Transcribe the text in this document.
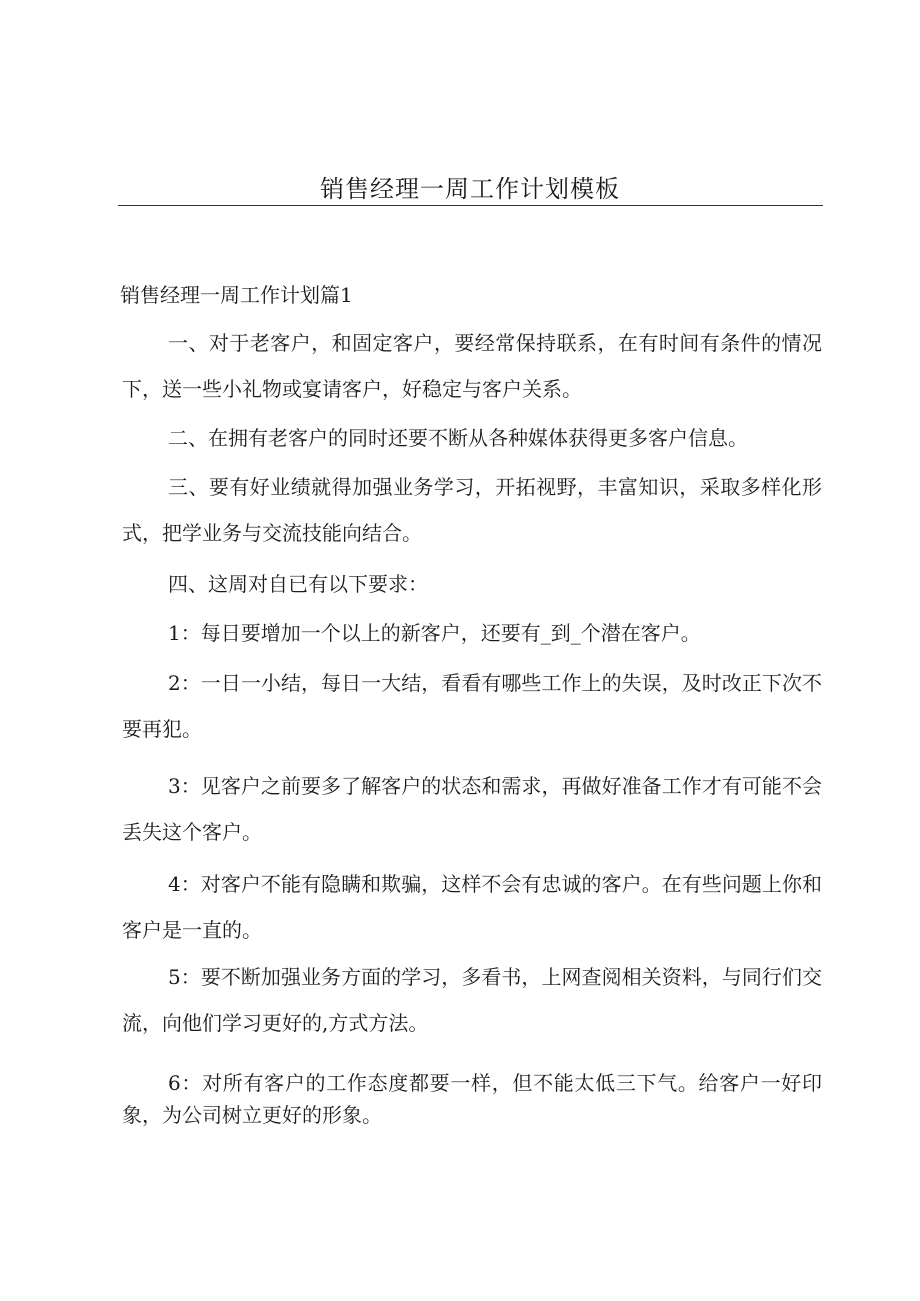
销售经理一周工作计划模板

销售经理一周工作计划篇1

一、对于老客户，和固定客户，要经常保持联系，在有时间有条件的情况下，送一些小礼物或宴请客户，好稳定与客户关系。

二、在拥有老客户的同时还要不断从各种媒体获得更多客户信息。

三、要有好业绩就得加强业务学习，开拓视野，丰富知识，采取多样化形式，把学业务与交流技能向结合。

四、这周对自已有以下要求：

1：每日要增加一个以上的新客户，还要有_到_个潜在客户。

2：一日一小结，每日一大结，看看有哪些工作上的失误，及时改正下次不要再犯。

3：见客户之前要多了解客户的状态和需求，再做好准备工作才有可能不会丢失这个客户。

4：对客户不能有隐瞒和欺骗，这样不会有忠诚的客户。在有些问题上你和客户是一直的。

5：要不断加强业务方面的学习，多看书，上网查阅相关资料，与同行们交流，向他们学习更好的,方式方法。

6：对所有客户的工作态度都要一样，但不能太低三下气。给客户一好印象，为公司树立更好的形象。
